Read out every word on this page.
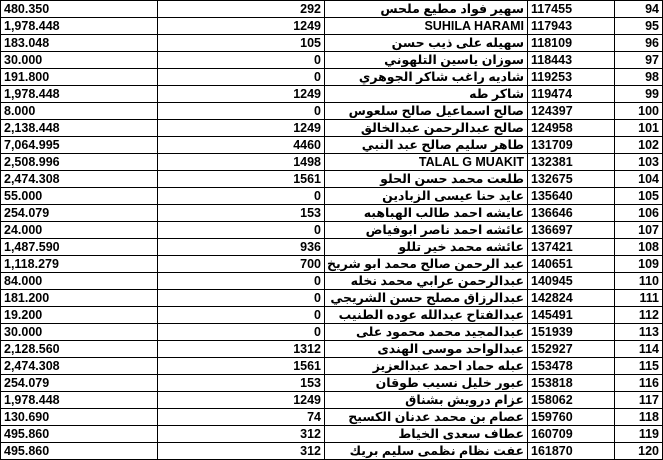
480.350	292	سهير فواد مطيع ملحس	117455	94
1,978.448	1249	SUHILA HARAMI	117943	95
183.048	105	سهيله على ذيب حسن	118109	96
30.000	0	سوزان ياسين التلهوني	118443	97
191.800	0	شاديه راغب شاكر الجوهري	119253	98
1,978.448	1249	شاكر طه	119474	99
8.000	0	صالح اسماعيل صالح سلعوس	124397	100
2,138.448	1249	صالح عبدالرحمن عبدالخالق	124958	101
7,064.995	4460	طاهر سليم صالح عبد النبي	131709	102
2,508.996	1498	TALAL G MUAKIT	132381	103
2,474.308	1561	طلعت محمد حسن الحلو	132675	104
55.000	0	عايد حنا عيسى الزبادين	135640	105
254.079	153	عايشه احمد طالب الهباهبه	136646	106
24.000	0	عائشه احمد ناصر ابوفياض	136697	107
1,487.590	936	عائشه محمد خير تللو	137421	108
1,118.279	700	عبد الرحمن صالح محمد ابو شريخ	140651	109
84.000	0	عبدالرحمن عرابي محمد نخله	140945	110
181.200	0	عبدالرزاق مصلح حسن الشريجي	142824	111
19.200	0	عبدالفتاح عبدالله عوده الطنيب	145491	112
30.000	0	عبدالمجيد محمد محمود على	151939	113
2,128.560	1312	عبدالواحد موسى الهندى	152927	114
2,474.308	1561	عبله حماد احمد عبدالعزيز	153478	115
254.079	153	عبور خليل نسيب طوقان	153818	116
1,978.448	1249	عزام درويش بشناق	158062	117
130.690	74	عصام بن محمد عدنان الكسيح	159760	118
495.860	312	عطاف سعدى الخياط	160709	119
495.860	312	عفت نظام نظمى سليم بريك	161870	120
